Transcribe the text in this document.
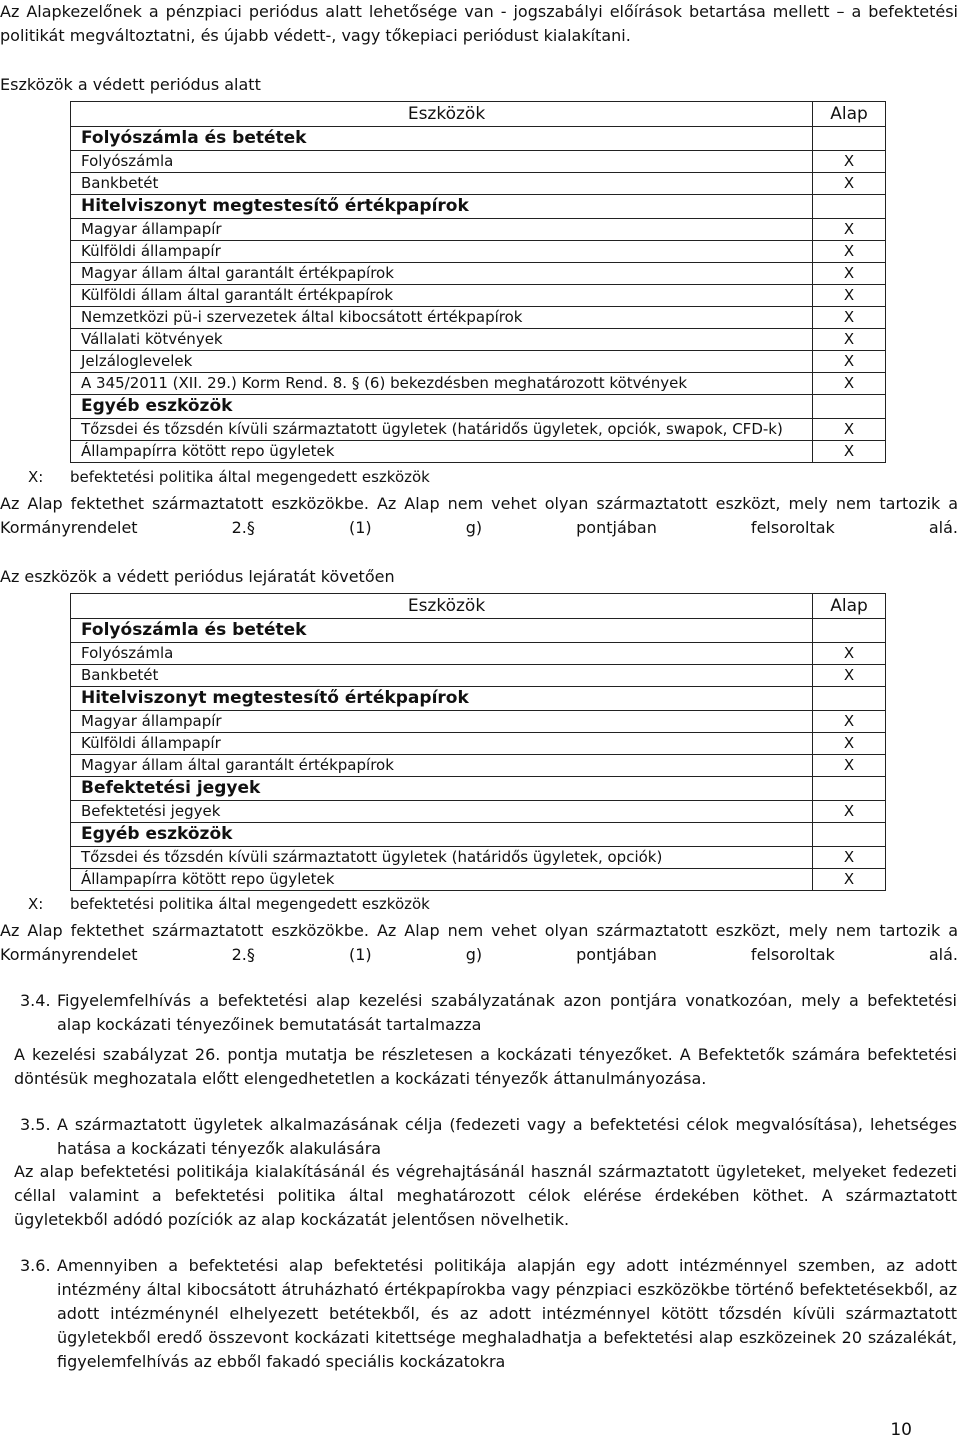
Az Alapkezelőnek a pénzpiaci periódus alatt lehetősége van - jogszabályi előírások betartása mellett – a befektetési politikát megváltoztatni, és újabb védett-, vagy tőkepiaci periódust kialakítani.

Eszközök a védett periódus alatt

Eszközök	Alap
Folyószámla és betétek	
Folyószámla	X
Bankbetét	X
Hitelviszonyt megtestesítő értékpapírok	
Magyar állampapír	X
Külföldi állampapír	X
Magyar állam által garantált értékpapírok	X
Külföldi állam által garantált értékpapírok	X
Nemzetközi pü-i szervezetek által kibocsátott értékpapírok	X
Vállalati kötvények	X
Jelzáloglevelek	X
A 345/2011 (XII. 29.) Korm Rend. 8. § (6) bekezdésben meghatározott kötvények	X
Egyéb eszközök	
Tőzsdei és tőzsdén kívüli származtatott ügyletek (határidős ügyletek, opciók, swapok, CFD-k)	X
Állampapírra kötött repo ügyletek	X
X: befektetési politika által megengedett eszközök

Az Alap fektethet származtatott eszközökbe. Az Alap nem vehet olyan származtatott eszközt, mely nem tartozik a Kormányrendelet 2.§ (1) g) pontjában felsoroltak alá.

Az eszközök a védett periódus lejáratát követően

Eszközök	Alap
Folyószámla és betétek	
Folyószámla	X
Bankbetét	X
Hitelviszonyt megtestesítő értékpapírok	
Magyar állampapír	X
Külföldi állampapír	X
Magyar állam által garantált értékpapírok	X
Befektetési jegyek	
Befektetési jegyek	X
Egyéb eszközök	
Tőzsdei és tőzsdén kívüli származtatott ügyletek (határidős ügyletek, opciók)	X
Állampapírra kötött repo ügyletek	X
X: befektetési politika által megengedett eszközök

Az Alap fektethet származtatott eszközökbe. Az Alap nem vehet olyan származtatott eszközt, mely nem tartozik a Kormányrendelet 2.§ (1) g) pontjában felsoroltak alá.

3.4. Figyelemfelhívás a befektetési alap kezelési szabályzatának azon pontjára vonatkozóan, mely a befektetési alap kockázati tényezőinek bemutatását tartalmazza

A kezelési szabályzat 26. pontja mutatja be részletesen a kockázati tényezőket. A Befektetők számára befektetési döntésük meghozatala előtt elengedhetetlen a kockázati tényezők áttanulmányozása.

3.5. A származtatott ügyletek alkalmazásának célja (fedezeti vagy a befektetési célok megvalósítása), lehetséges hatása a kockázati tényezők alakulására

Az alap befektetési politikája kialakításánál és végrehajtásánál használ származtatott ügyleteket, melyeket fedezeti céllal valamint a befektetési politika által meghatározott célok elérése érdekében köthet. A származtatott ügyletekből adódó pozíciók az alap kockázatát jelentősen növelhetik.

3.6. Amennyiben a befektetési alap befektetési politikája alapján egy adott intézménnyel szemben, az adott intézmény által kibocsátott átruházható értékpapírokba vagy pénzpiaci eszközökbe történő befektetésekből, az adott intézménynél elhelyezett betétekből, és az adott intézménnyel kötött tőzsdén kívüli származtatott ügyletekből eredő összevont kockázati kitettsége meghaladhatja a befektetési alap eszközeinek 20 százalékát, figyelemfelhívás az ebből fakadó speciális kockázatokra

10
